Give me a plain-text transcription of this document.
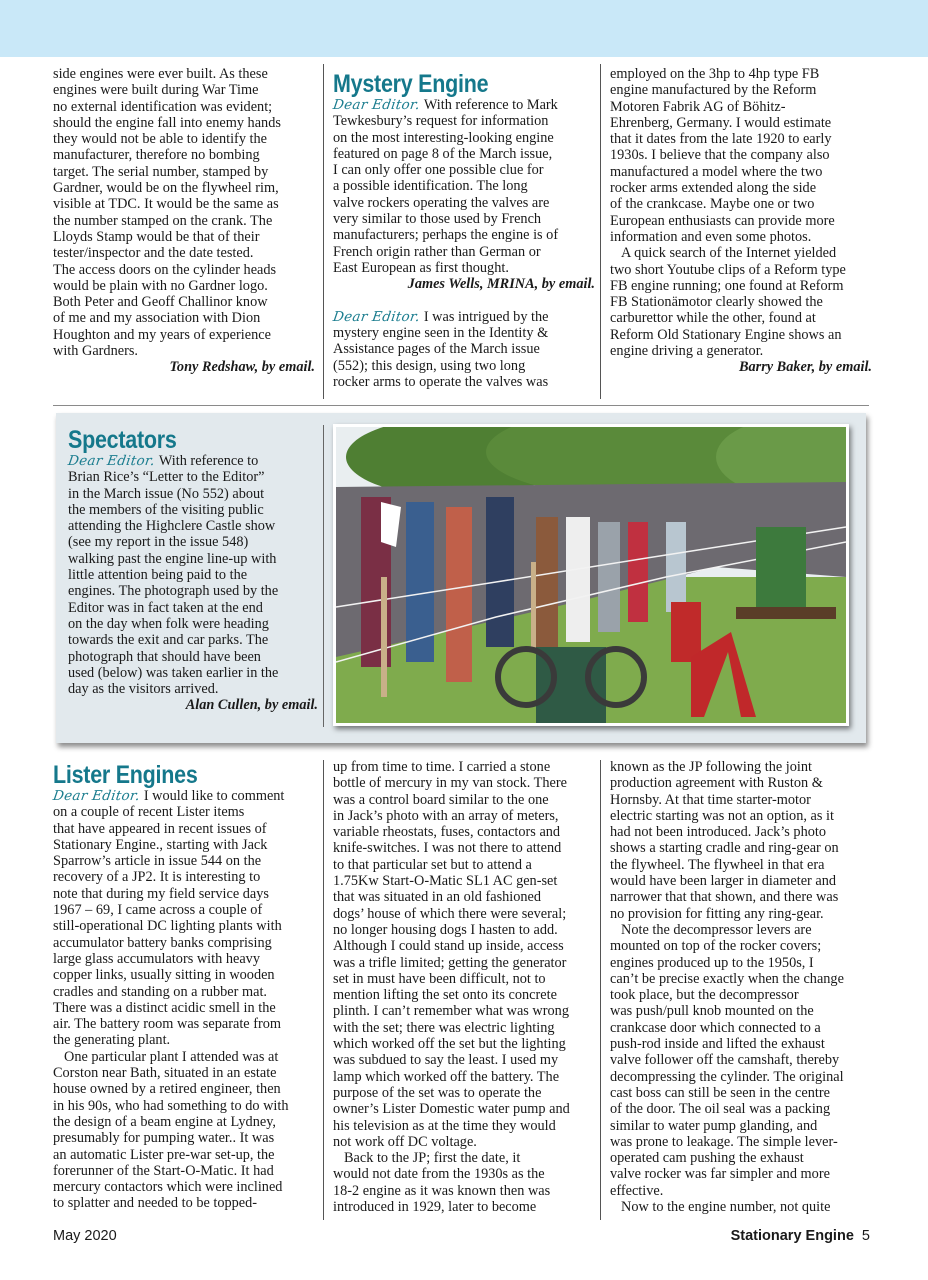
side engines were ever built. As these
engines were built during War Time
no external identification was evident;
should the engine fall into enemy hands
they would not be able to identify the
manufacturer, therefore no bombing
target. The serial number, stamped by
Gardner, would be on the flywheel rim,
visible at TDC. It would be the same as
the number stamped on the crank. The
Lloyds Stamp would be that of their
tester/inspector and the date tested.
The access doors on the cylinder heads
would be plain with no Gardner logo.
Both Peter and Geoff Challinor know
of me and my association with Dion
Houghton and my years of experience
with Gardners.
Tony Redshaw, by email.
Mystery Engine
Dear Editor. With reference to Mark
Tewkesbury’s request for information
on the most interesting-looking engine
featured on page 8 of the March issue,
I can only offer one possible clue for
a possible identification. The long
valve rockers operating the valves are
very similar to those used by French
manufacturers; perhaps the engine is of
French origin rather than German or
East European as first thought.
James Wells, MRINA, by email.
Dear Editor. I was intrigued by the
mystery engine seen in the Identity &
Assistance pages of the March issue
(552); this design, using two long
rocker arms to operate the valves was
employed on the 3hp to 4hp type FB
engine manufactured by the Reform
Motoren Fabrik AG of Böhitz-
Ehrenberg, Germany. I would estimate
that it dates from the late 1920 to early
1930s. I believe that the company also
manufactured a model where the two
rocker arms extended along the side
of the crankcase. Maybe one or two
European enthusiasts can provide more
information and even some photos.
A quick search of the Internet yielded
two short Youtube clips of a Reform type
FB engine running; one found at Reform
FB Stationämotor clearly showed the
carburettor while the other, found at
Reform Old Stationary Engine shows an
engine driving a generator.
Barry Baker, by email.
Spectators
Dear Editor. With reference to
Brian Rice’s “Letter to the Editor”
in the March issue (No 552) about
the members of the visiting public
attending the Highclere Castle show
(see my report in the issue 548)
walking past the engine line-up with
little attention being paid to the
engines. The photograph used by the
Editor was in fact taken at the end
on the day when folk were heading
towards the exit and car parks. The
photograph that should have been
used (below) was taken earlier in the
day as the visitors arrived.
Alan Cullen, by email.
Lister Engines
Dear Editor. I would like to comment
on a couple of recent Lister items
that have appeared in recent issues of
Stationary Engine., starting with Jack
Sparrow’s article in issue 544 on the
recovery of a JP2. It is interesting to
note that during my field service days
1967 – 69, I came across a couple of
still-operational DC lighting plants with
accumulator battery banks comprising
large glass accumulators with heavy
copper links, usually sitting in wooden
cradles and standing on a rubber mat.
There was a distinct acidic smell in the
air. The battery room was separate from
the generating plant.
One particular plant I attended was at
Corston near Bath, situated in an estate
house owned by a retired engineer, then
in his 90s, who had something to do with
the design of a beam engine at Lydney,
presumably for pumping water.. It was
an automatic Lister pre-war set-up, the
forerunner of the Start-O-Matic. It had
mercury contactors which were inclined
to splatter and needed to be topped-
up from time to time. I carried a stone
bottle of mercury in my van stock. There
was a control board similar to the one
in Jack’s photo with an array of meters,
variable rheostats, fuses, contactors and
knife-switches. I was not there to attend
to that particular set but to attend a
1.75Kw Start-O-Matic SL1 AC gen-set
that was situated in an old fashioned
dogs’ house of which there were several;
no longer housing dogs I hasten to add.
Although I could stand up inside, access
was a trifle limited; getting the generator
set in must have been difficult, not to
mention lifting the set onto its concrete
plinth. I can’t remember what was wrong
with the set; there was electric lighting
which worked off the set but the lighting
was subdued to say the least. I used my
lamp which worked off the battery. The
purpose of the set was to operate the
owner’s Lister Domestic water pump and
his television as at the time they would
not work off DC voltage.
Back to the JP; first the date, it
would not date from the 1930s as the
18-2 engine as it was known then was
introduced in 1929, later to become
known as the JP following the joint
production agreement with Ruston &
Hornsby. At that time starter-motor
electric starting was not an option, as it
had not been introduced. Jack’s photo
shows a starting cradle and ring-gear on
the flywheel. The flywheel in that era
would have been larger in diameter and
narrower that that shown, and there was
no provision for fitting any ring-gear.
Note the decompressor levers are
mounted on top of the rocker covers;
engines produced up to the 1950s, I
can’t be precise exactly when the change
took place, but the decompressor
was push/pull knob mounted on the
crankcase door which connected to a
push-rod inside and lifted the exhaust
valve follower off the camshaft, thereby
decompressing the cylinder. The original
cast boss can still be seen in the centre
of the door. The oil seal was a packing
similar to water pump glanding, and
was prone to leakage. The simple lever-
operated cam pushing the exhaust
valve rocker was far simpler and more
effective.
Now to the engine number, not quite
May 2020	Stationary Engine 5
